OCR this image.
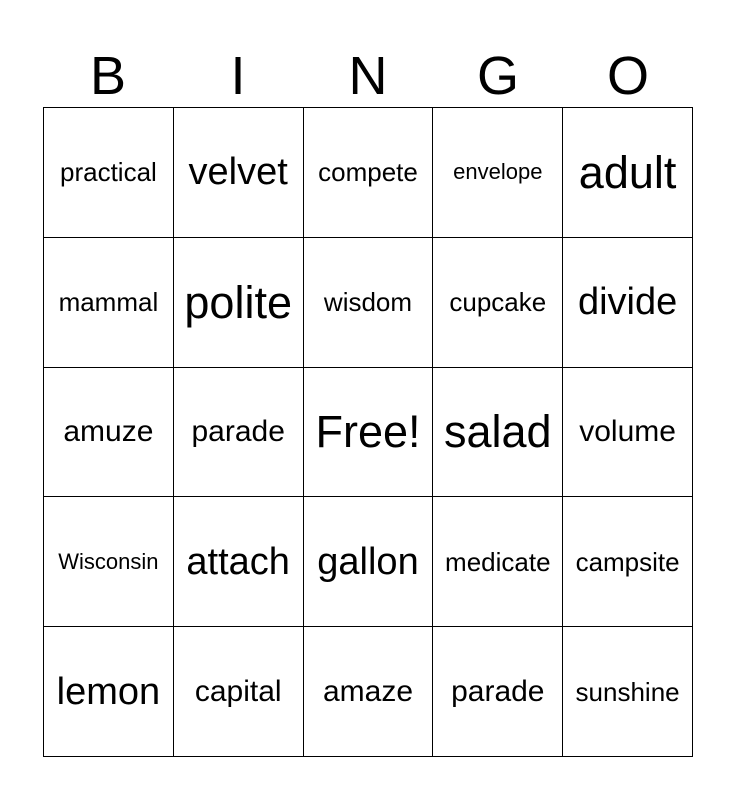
B	I	N	G	O
practical velvet compete envelope adult
mammal polite wisdom cupcake divide
amuze parade Free! salad volume
Wisconsin attach gallon medicate campsite
lemon capital amaze parade sunshine
